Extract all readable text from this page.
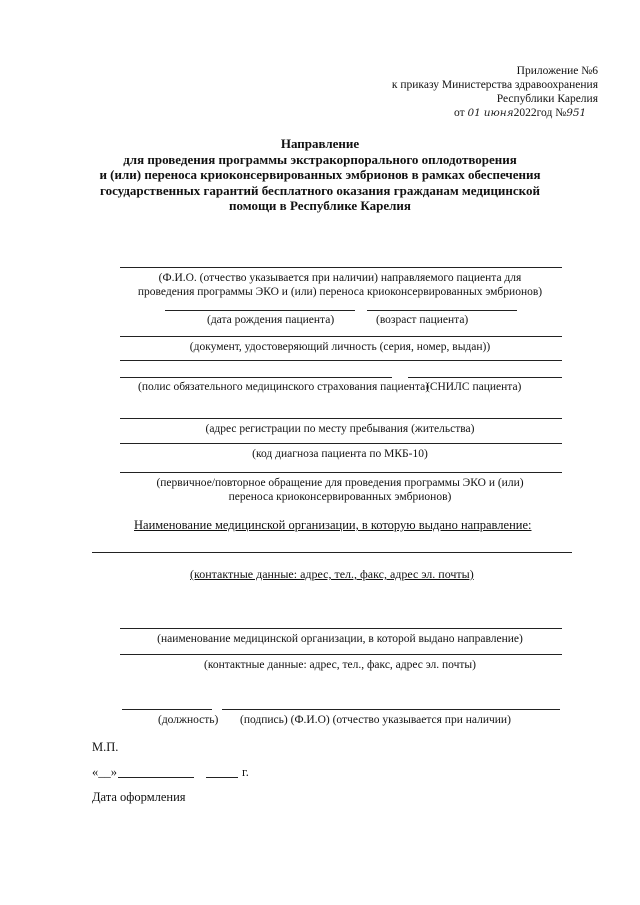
Приложение №6
к приказу Министерства здравоохранения
Республики Карелия
от 01 июня2022год №951
Направление
для проведения программы экстракорпорального оплодотворения
и (или) переноса криоконсервированных эмбрионов в рамках обеспечения
государственных гарантий бесплатного оказания гражданам медицинской
помощи в Республике Карелия
(Ф.И.О. (отчество указывается при наличии) направляемого пациента для
проведения программы ЭКО и (или) переноса криоконсервированных эмбрионов)
(дата рождения пациента)	(возраст пациента)
(документ, удостоверяющий личность (серия, номер, выдан))
(полис обязательного медицинского страхования пациента)
(СНИЛС пациента)
(адрес регистрации по месту пребывания (жительства)
(код диагноза пациента по МКБ-10)
(первичное/повторное обращение для проведения программы ЭКО и (или)
переноса криоконсервированных эмбрионов)
Наименование медицинской организации, в которую выдано направление:
(контактные данные: адрес, тел., факс, адрес эл. почты)
(наименование медицинской организации, в которой выдано направление)
(контактные данные: адрес, тел., факс, адрес эл. почты)
(должность) (подпись) (Ф.И.О) (отчество указывается при наличии)
М.П.
«__»	г.
Дата оформления
